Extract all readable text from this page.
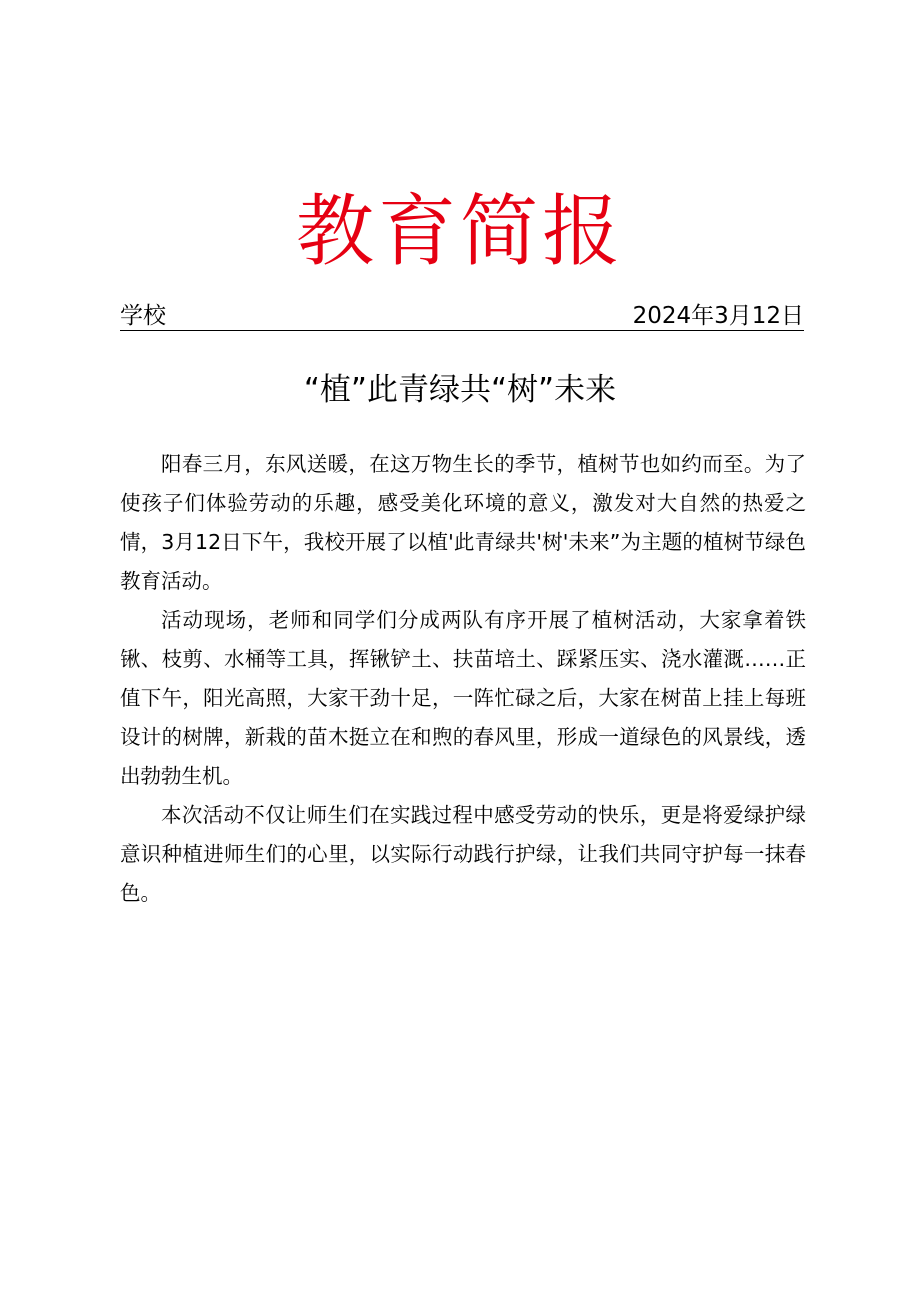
教育简报
学校	2024年3月12日
“植”此青绿共“树”未来

阳春三月，东风送暖，在这万物生长的季节，植树节也如约而至。为了使孩子们体验劳动的乐趣，感受美化环境的意义，激发对大自然的热爱之情，3月12日下午，我校开展了以植'此青绿共'树'未来”为主题的植树节绿色教育活动。

活动现场，老师和同学们分成两队有序开展了植树活动，大家拿着铁锹、枝剪、水桶等工具，挥锹铲土、扶苗培土、踩紧压实、浇水灌溉……正值下午，阳光高照，大家干劲十足，一阵忙碌之后，大家在树苗上挂上每班设计的树牌，新栽的苗木挺立在和煦的春风里，形成一道绿色的风景线，透出勃勃生机。

本次活动不仅让师生们在实践过程中感受劳动的快乐，更是将爱绿护绿意识种植进师生们的心里，以实际行动践行护绿，让我们共同守护每一抹春色。
